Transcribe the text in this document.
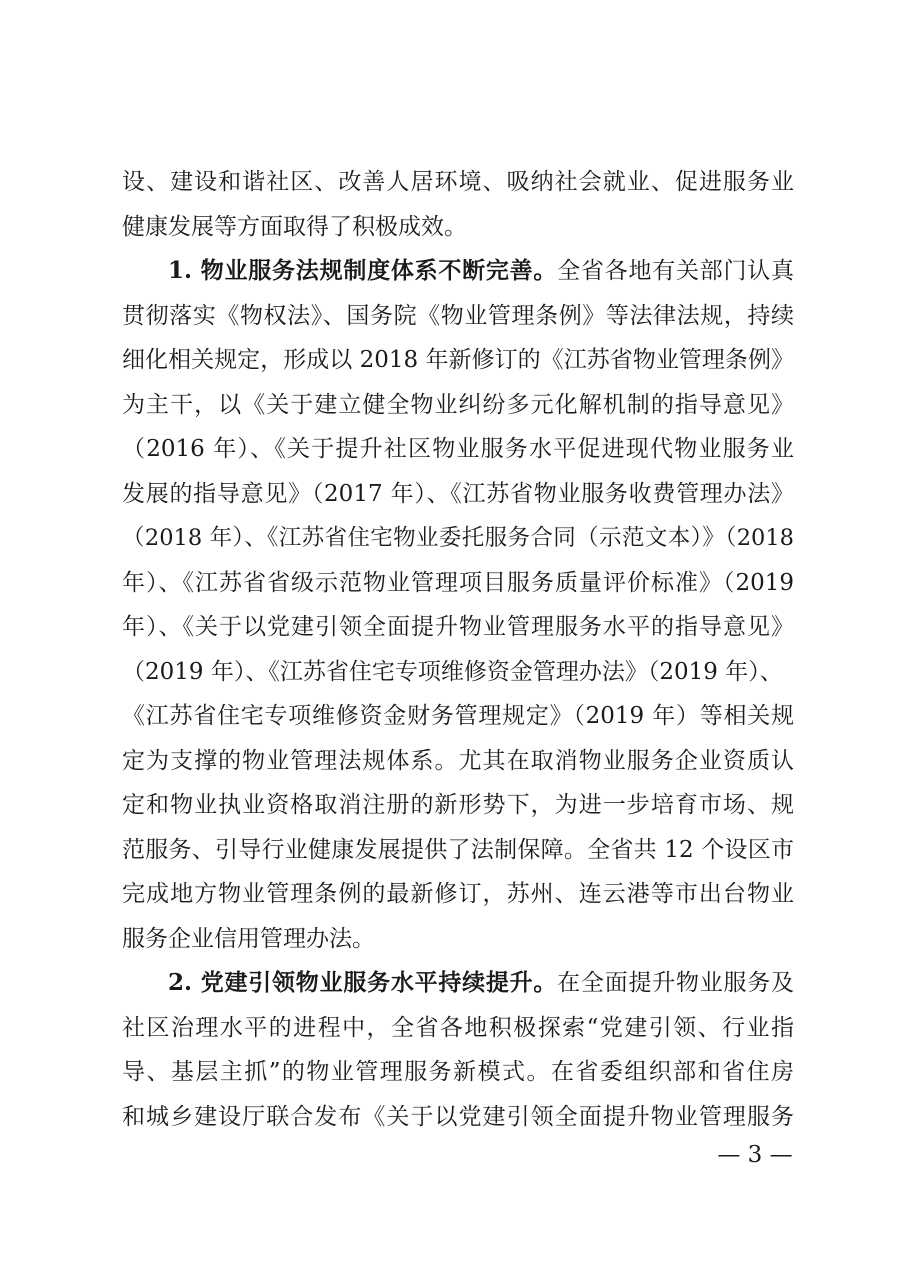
设、建设和谐社区、改善人居环境、吸纳社会就业、促进服务业
健康发展等方面取得了积极成效。
1. 物业服务法规制度体系不断完善。全省各地有关部门认真
贯彻落实《物权法》、国务院《物业管理条例》等法律法规，持续
细化相关规定，形成以 2018 年新修订的《江苏省物业管理条例》
为主干，以《关于建立健全物业纠纷多元化解机制的指导意见》
（2016 年）、《关于提升社区物业服务水平促进现代物业服务业
发展的指导意见》（2017 年）、《江苏省物业服务收费管理办法》
（2018 年）、《江苏省住宅物业委托服务合同（示范文本）》（2018
年）、《江苏省省级示范物业管理项目服务质量评价标准》（2019
年）、《关于以党建引领全面提升物业管理服务水平的指导意见》
（2019 年）、《江苏省住宅专项维修资金管理办法》（2019 年）、
《江苏省住宅专项维修资金财务管理规定》（2019 年）等相关规
定为支撑的物业管理法规体系。尤其在取消物业服务企业资质认
定和物业执业资格取消注册的新形势下，为进一步培育市场、规
范服务、引导行业健康发展提供了法制保障。全省共 12 个设区市
完成地方物业管理条例的最新修订，苏州、连云港等市出台物业
服务企业信用管理办法。
2. 党建引领物业服务水平持续提升。在全面提升物业服务及
社区治理水平的进程中，全省各地积极探索“党建引领、行业指
导、基层主抓”的物业管理服务新模式。在省委组织部和省住房
和城乡建设厅联合发布《关于以党建引领全面提升物业管理服务
— 3 —
